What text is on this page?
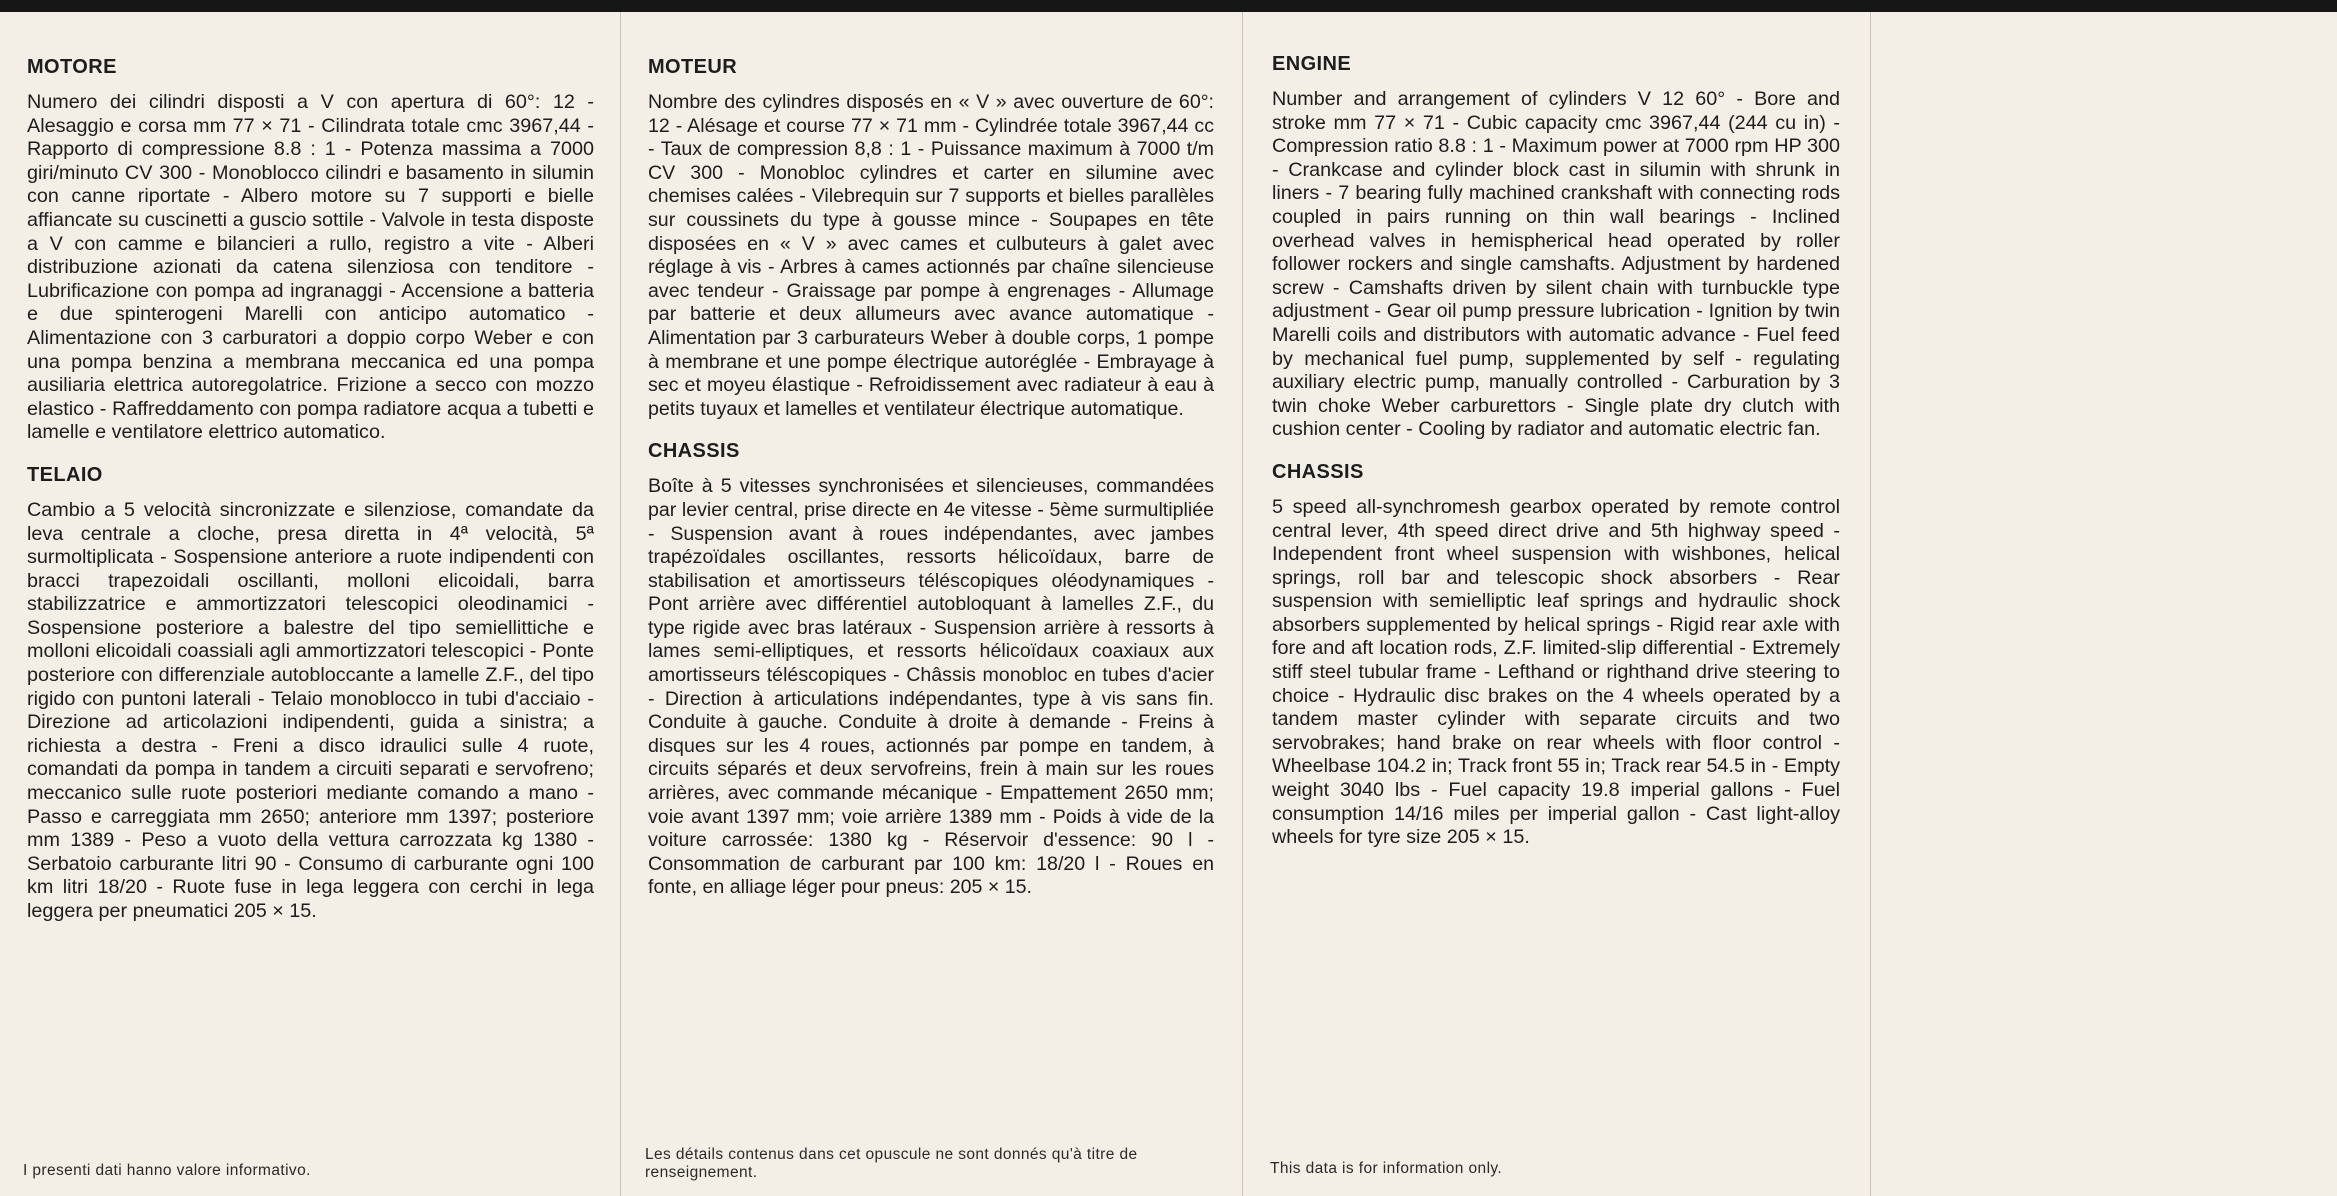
MOTORE

Numero dei cilindri disposti a V con apertura di 60°: 12 - Alesaggio e corsa mm 77 × 71 - Cilindrata totale cmc 3967,44 - Rapporto di compressione 8.8 : 1 - Potenza massima a 7000 giri/minuto CV 300 - Monoblocco cilindri e basamento in silumin con canne riportate - Albero motore su 7 supporti e bielle affiancate su cuscinetti a guscio sottile - Valvole in testa disposte a V con camme e bilancieri a rullo, registro a vite - Alberi distribuzione azionati da catena silenziosa con tenditore - Lubrificazione con pompa ad ingranaggi - Accensione a batteria e due spinterogeni Marelli con anticipo automatico - Alimentazione con 3 carburatori a doppio corpo Weber e con una pompa benzina a membrana meccanica ed una pompa ausiliaria elettrica autoregolatrice. Frizione a secco con mozzo elastico - Raffreddamento con pompa radiatore acqua a tubetti e lamelle e ventilatore elettrico automatico.

TELAIO

Cambio a 5 velocità sincronizzate e silenziose, comandate da leva centrale a cloche, presa diretta in 4ª velocità, 5ª surmoltiplicata - Sospensione anteriore a ruote indipendenti con bracci trapezoidali oscillanti, molloni elicoidali, barra stabilizzatrice e ammortizzatori telescopici oleodinamici - Sospensione posteriore a balestre del tipo semiellittiche e molloni elicoidali coassiali agli ammortizzatori telescopici - Ponte posteriore con differenziale autobloccante a lamelle Z.F., del tipo rigido con puntoni laterali - Telaio monoblocco in tubi d'acciaio - Direzione ad articolazioni indipendenti, guida a sinistra; a richiesta a destra - Freni a disco idraulici sulle 4 ruote, comandati da pompa in tandem a circuiti separati e servofreno; meccanico sulle ruote posteriori mediante comando a mano - Passo e carreggiata mm 2650; anteriore mm 1397; posteriore mm 1389 - Peso a vuoto della vettura carrozzata kg 1380 - Serbatoio carburante litri 90 - Consumo di carburante ogni 100 km litri 18/20 - Ruote fuse in lega leggera con cerchi in lega leggera per pneumatici 205 × 15.

I presenti dati hanno valore informativo.
MOTEUR

Nombre des cylindres disposés en « V » avec ouverture de 60°: 12 - Alésage et course 77 × 71 mm - Cylindrée totale 3967,44 cc - Taux de compression 8,8 : 1 - Puissance maximum à 7000 t/m CV 300 - Monobloc cylindres et carter en silumine avec chemises calées - Vilebrequin sur 7 supports et bielles parallèles sur coussinets du type à gousse mince - Soupapes en tête disposées en « V » avec cames et culbuteurs à galet avec réglage à vis - Arbres à cames actionnés par chaîne silencieuse avec tendeur - Graissage par pompe à engrenages - Allumage par batterie et deux allumeurs avec avance automatique - Alimentation par 3 carburateurs Weber à double corps, 1 pompe à membrane et une pompe électrique autoréglée - Embrayage à sec et moyeu élastique - Refroidissement avec radiateur à eau à petits tuyaux et lamelles et ventilateur électrique automatique.

CHASSIS

Boîte à 5 vitesses synchronisées et silencieuses, commandées par levier central, prise directe en 4e vitesse - 5ème surmultipliée - Suspension avant à roues indépendantes, avec jambes trapézoïdales oscillantes, ressorts hélicoïdaux, barre de stabilisation et amortisseurs téléscopiques oléodynamiques - Pont arrière avec différentiel autobloquant à lamelles Z.F., du type rigide avec bras latéraux - Suspension arrière à ressorts à lames semi-elliptiques, et ressorts hélicoïdaux coaxiaux aux amortisseurs téléscopiques - Châssis monobloc en tubes d'acier - Direction à articulations indépendantes, type à vis sans fin. Conduite à gauche. Conduite à droite à demande - Freins à disques sur les 4 roues, actionnés par pompe en tandem, à circuits séparés et deux servofreins, frein à main sur les roues arrières, avec commande mécanique - Empattement 2650 mm; voie avant 1397 mm; voie arrière 1389 mm - Poids à vide de la voiture carrossée: 1380 kg - Réservoir d'essence: 90 l - Consommation de carburant par 100 km: 18/20 l - Roues en fonte, en alliage léger pour pneus: 205 × 15.

Les détails contenus dans cet opuscule ne sont donnés qu'à titre de renseignement.
ENGINE

Number and arrangement of cylinders V 12 60° - Bore and stroke mm 77 × 71 - Cubic capacity cmc 3967,44 (244 cu in) - Compression ratio 8.8 : 1 - Maximum power at 7000 rpm HP 300 - Crankcase and cylinder block cast in silumin with shrunk in liners - 7 bearing fully machined crankshaft with connecting rods coupled in pairs running on thin wall bearings - Inclined overhead valves in hemispherical head operated by roller follower rockers and single camshafts. Adjustment by hardened screw - Camshafts driven by silent chain with turnbuckle type adjustment - Gear oil pump pressure lubrication - Ignition by twin Marelli coils and distributors with automatic advance - Fuel feed by mechanical fuel pump, supplemented by self - regulating auxiliary electric pump, manually controlled - Carburation by 3 twin choke Weber carburettors - Single plate dry clutch with cushion center - Cooling by radiator and automatic electric fan.

CHASSIS

5 speed all-synchromesh gearbox operated by remote control central lever, 4th speed direct drive and 5th highway speed - Independent front wheel suspension with wishbones, helical springs, roll bar and telescopic shock absorbers - Rear suspension with semielliptic leaf springs and hydraulic shock absorbers supplemented by helical springs - Rigid rear axle with fore and aft location rods, Z.F. limited-slip differential - Extremely stiff steel tubular frame - Lefthand or righthand drive steering to choice - Hydraulic disc brakes on the 4 wheels operated by a tandem master cylinder with separate circuits and two servobrakes; hand brake on rear wheels with floor control - Wheelbase 104.2 in; Track front 55 in; Track rear 54.5 in - Empty weight 3040 lbs - Fuel capacity 19.8 imperial gallons - Fuel consumption 14/16 miles per imperial gallon - Cast light-alloy wheels for tyre size 205 × 15.

This data is for information only.
